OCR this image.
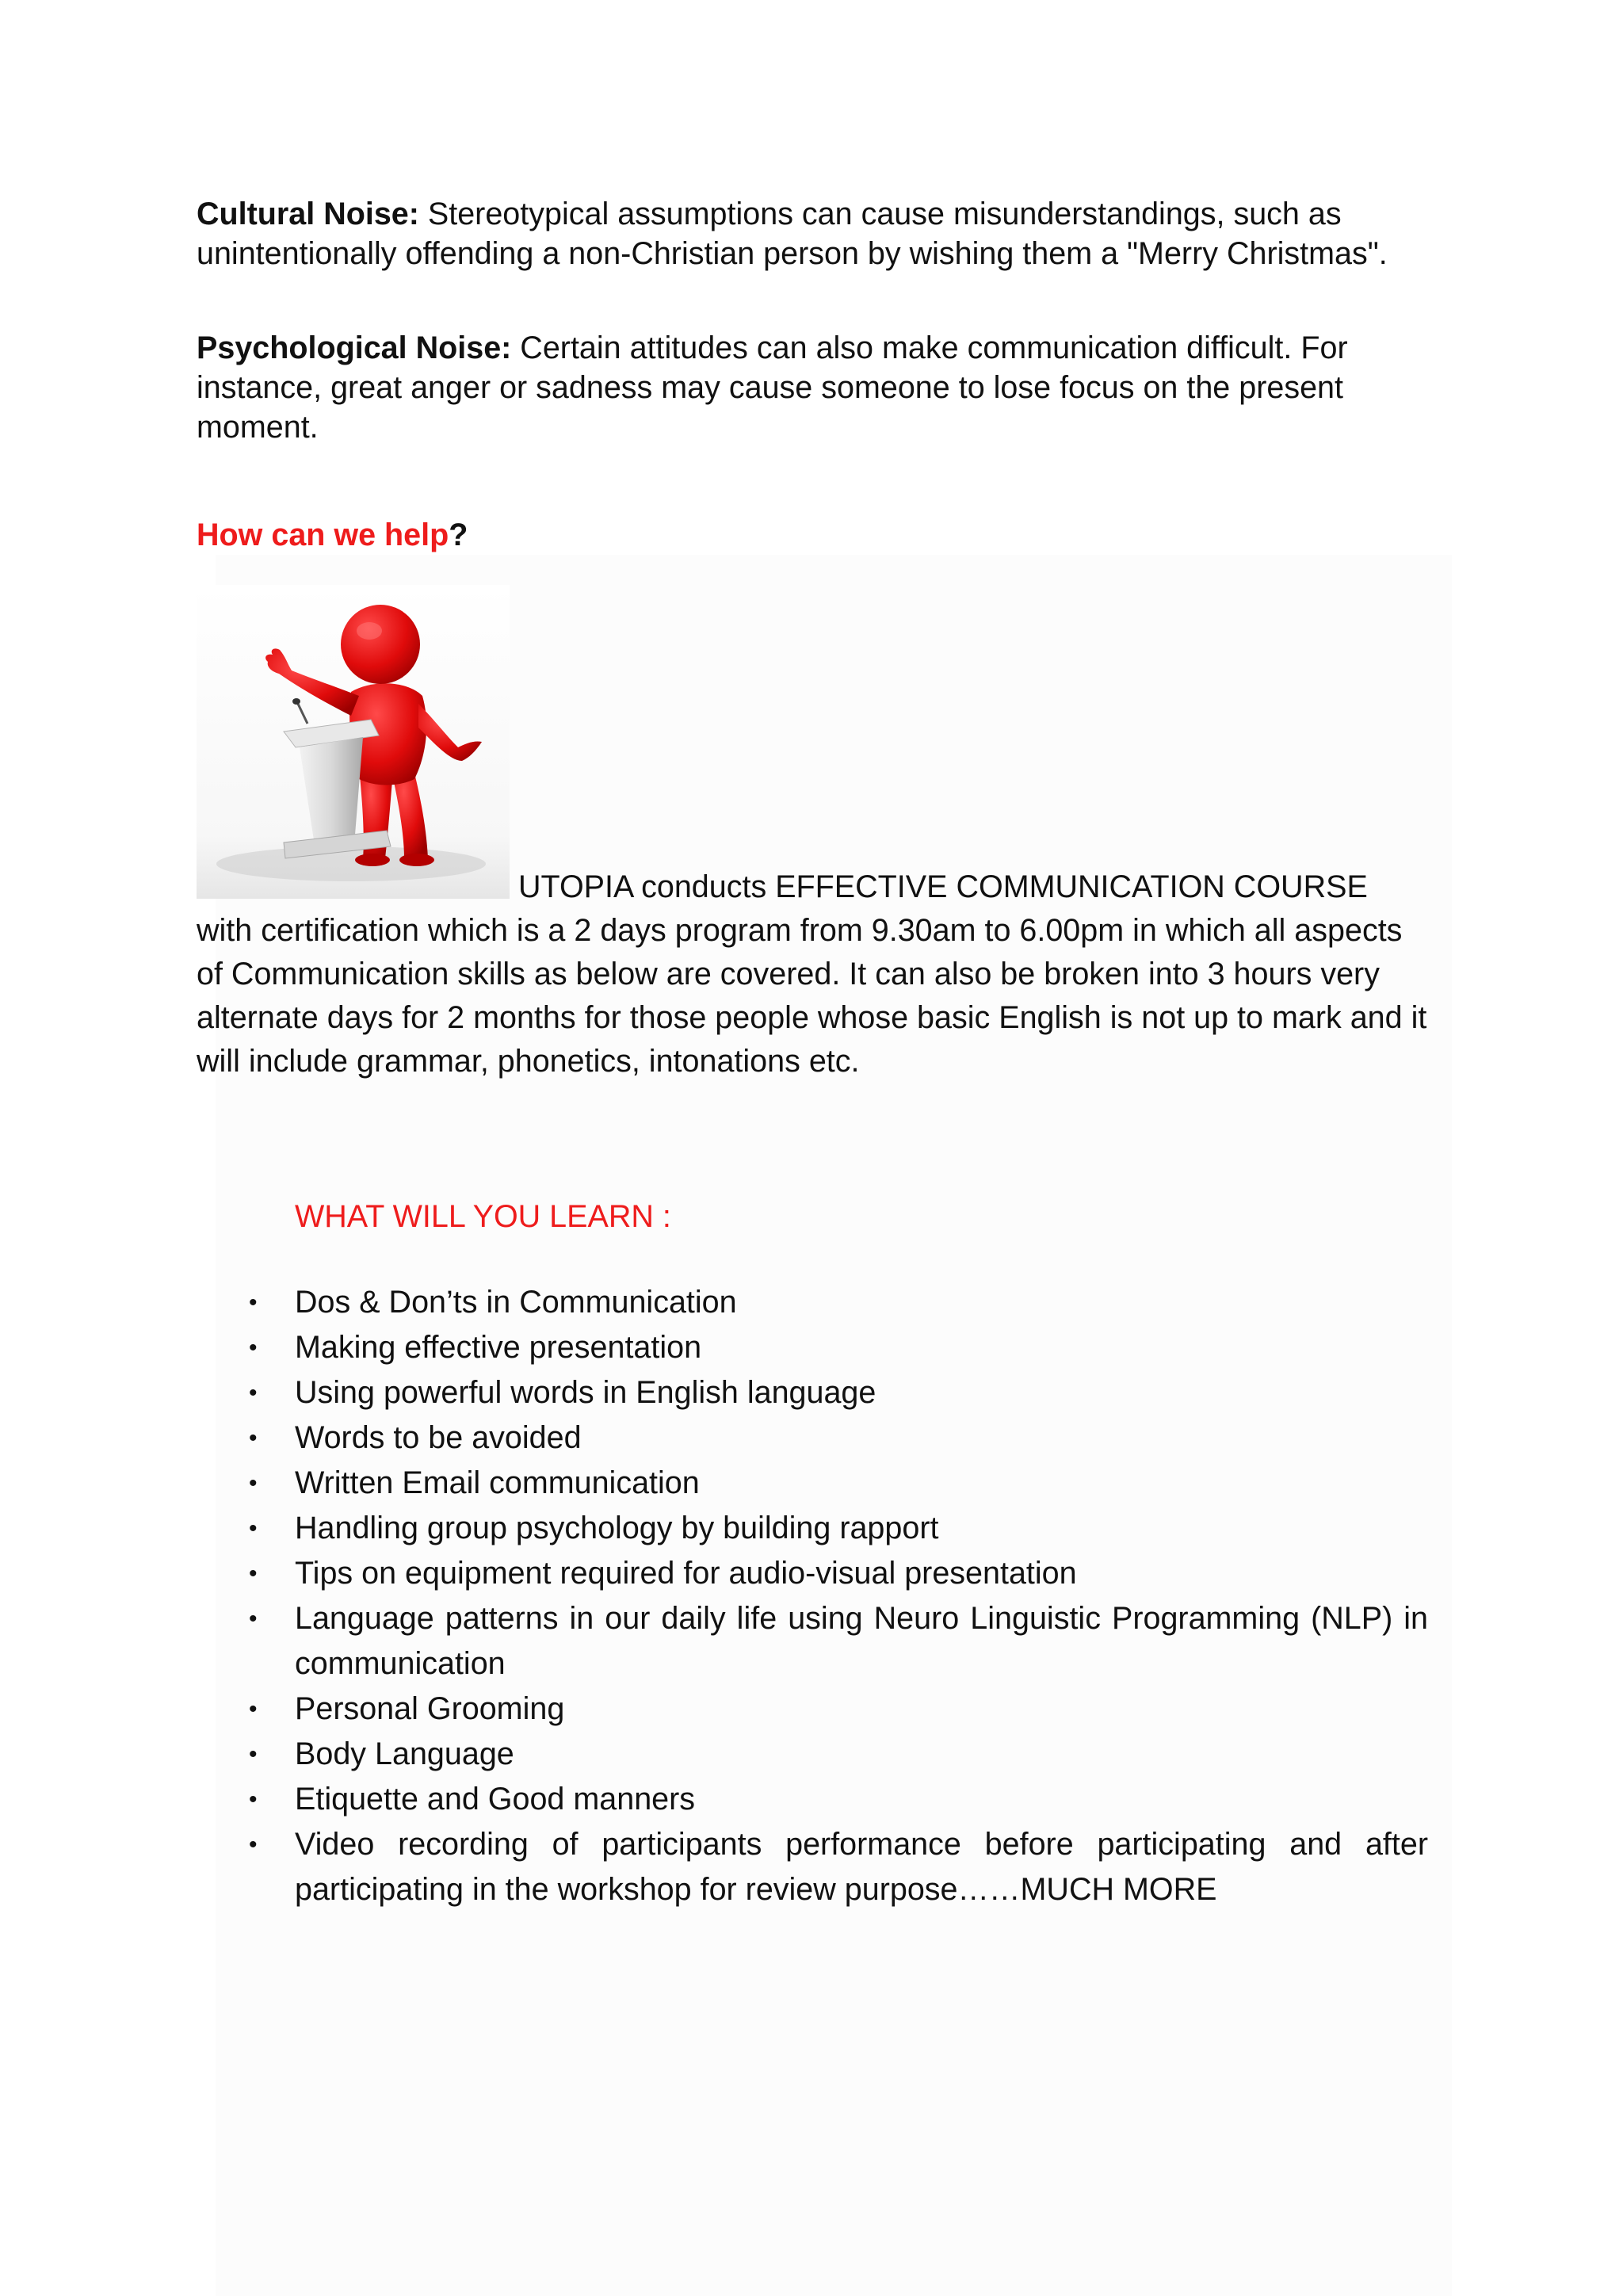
Cultural Noise: Stereotypical assumptions can cause misunderstandings, such as unintentionally offending a non-Christian person by wishing them a "Merry Christmas".

Psychological Noise: Certain attitudes can also make communication difficult. For instance, great anger or sadness may cause someone to lose focus on the present moment.

How can we help?

UTOPIA conducts EFFECTIVE COMMUNICATION COURSE
with certification which is a 2 days program from 9.30am to 6.00pm in which all aspects of Communication skills as below are covered. It can also be broken into 3 hours very alternate days for 2 months for those people whose basic English is not up to mark and it will include grammar, phonetics, intonations etc.

WHAT WILL YOU LEARN :

• Dos & Don’ts in Communication
• Making effective presentation
• Using powerful words in English language
• Words to be avoided
• Written Email communication
• Handling group psychology by building rapport
• Tips on equipment required for audio-visual presentation
• Language patterns in our daily life using Neuro Linguistic Programming (NLP) in communication
• Personal Grooming
• Body Language
• Etiquette and Good manners
• Video recording of participants performance before participating and after participating in the workshop for review purpose……MUCH MORE
